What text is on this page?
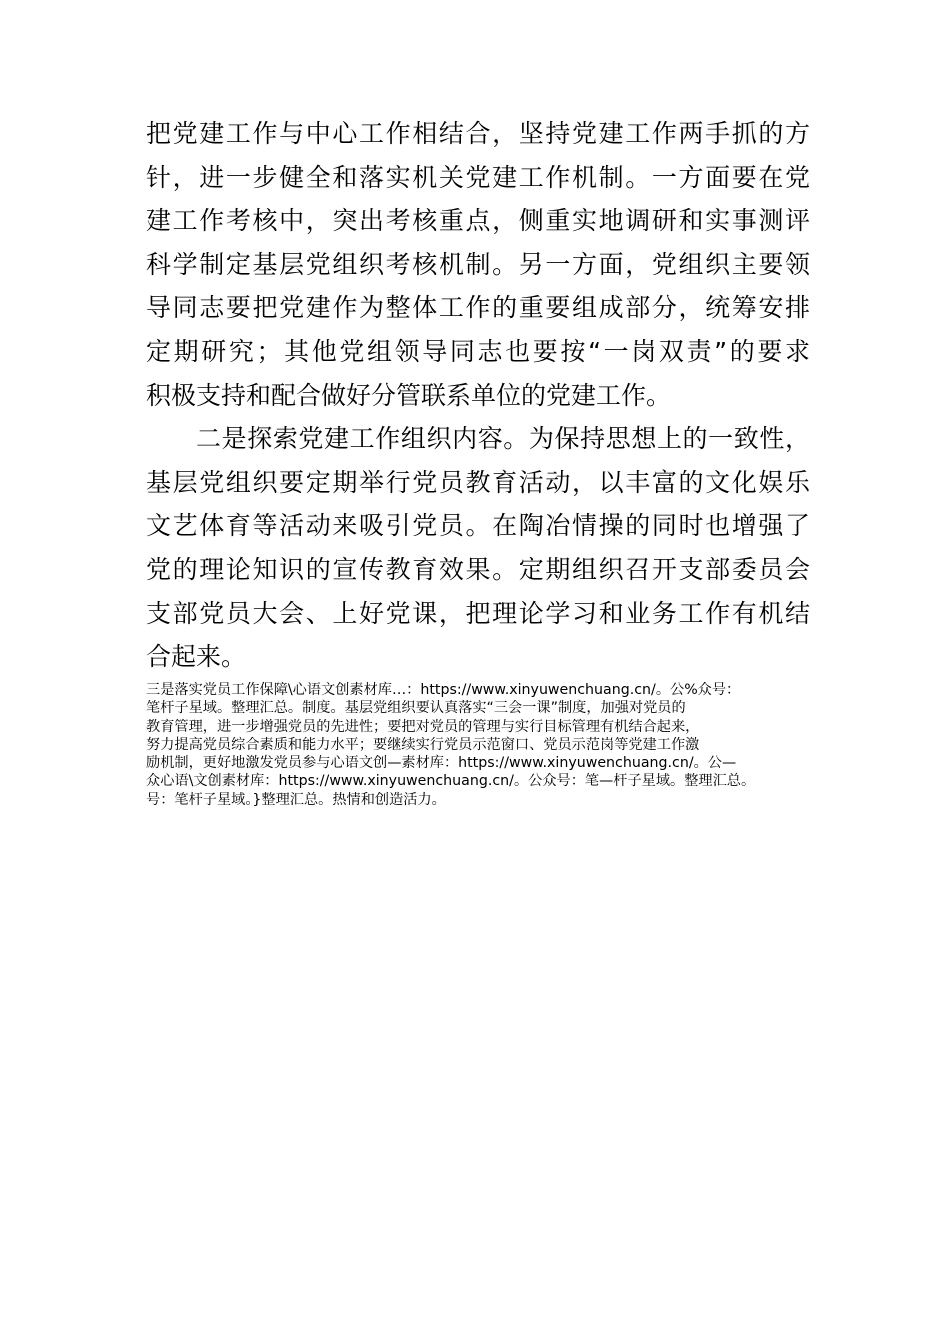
把党建工作与中心工作相结合，坚持党建工作两手抓的方
针，进一步健全和落实机关党建工作机制。一方面要在党
建工作考核中，突出考核重点，侧重实地调研和实事测评
科学制定基层党组织考核机制。另一方面，党组织主要领
导同志要把党建作为整体工作的重要组成部分，统筹安排
定期研究；其他党组领导同志也要按“一岗双责”的要求
积极支持和配合做好分管联系单位的党建工作。
二是探索党建工作组织内容。为保持思想上的一致性，
基层党组织要定期举行党员教育活动，以丰富的文化娱乐
文艺体育等活动来吸引党员。在陶冶情操的同时也增强了
党的理论知识的宣传教育效果。定期组织召开支部委员会
支部党员大会、上好党课，把理论学习和业务工作有机结
合起来。
三是落实党员工作保障\心语文创素材库…：https://www.xinyuwenchuang.cn/。公%众号：
笔杆子星域。整理汇总。制度。基层党组织要认真落实“三会一课”制度，加强对党员的
教育管理，进一步增强党员的先进性；要把对党员的管理与实行目标管理有机结合起来，
努力提高党员综合素质和能力水平；要继续实行党员示范窗口、党员示范岗等党建工作激
励机制，更好地激发党员参与心语文创—素材库：https://www.xinyuwenchuang.cn/。公—
众心语\文创素材库：https://www.xinyuwenchuang.cn/。公众号：笔—杆子星域。整理汇总。
号：笔杆子星域。}整理汇总。热情和创造活力。
